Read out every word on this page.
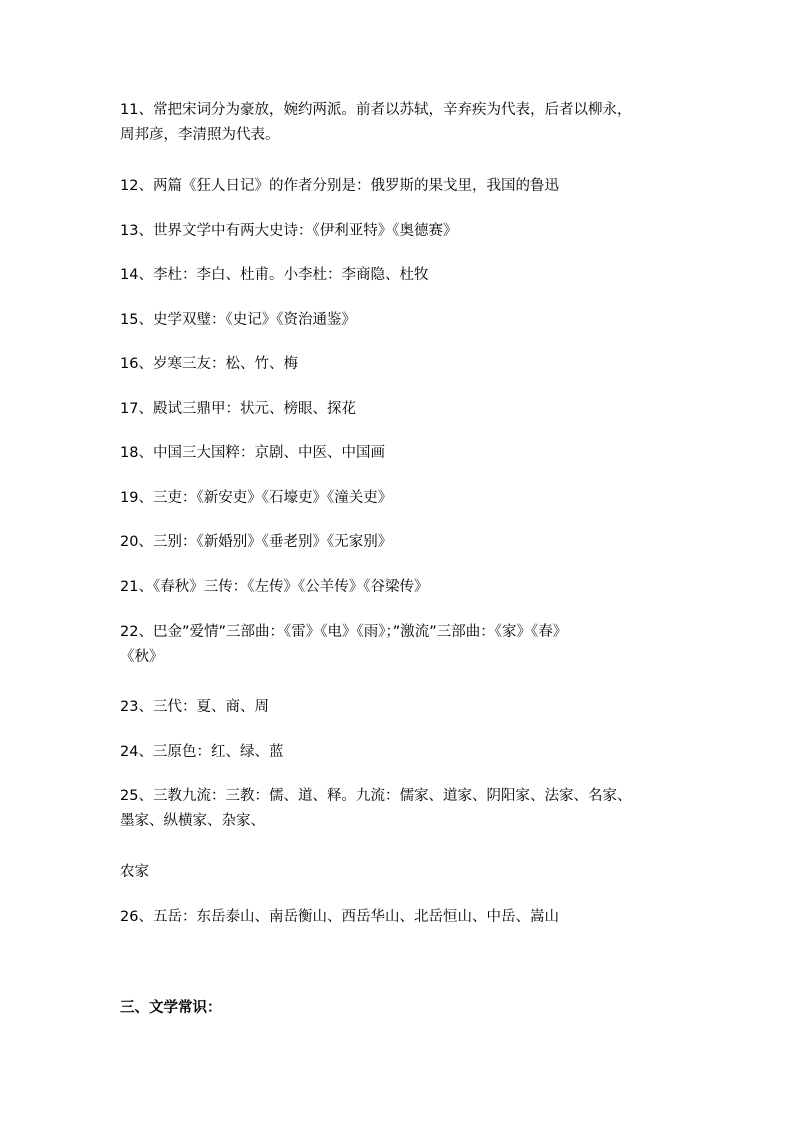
11、常把宋词分为豪放，婉约两派。前者以苏轼，辛弃疾为代表，后者以柳永，
周邦彦，李清照为代表。
12、两篇《狂人日记》的作者分别是：俄罗斯的果戈里，我国的鲁迅
13、世界文学中有两大史诗：《伊利亚特》《奥德赛》
14、李杜：李白、杜甫。小李杜：李商隐、杜牧
15、史学双璧：《史记》《资治通鉴》
16、岁寒三友：松、竹、梅
17、殿试三鼎甲：状元、榜眼、探花
18、中国三大国粹：京剧、中医、中国画
19、三吏：《新安吏》《石壕吏》《潼关吏》
20、三别：《新婚别》《垂老别》《无家别》
21、《春秋》三传：《左传》《公羊传》《谷梁传》
22、巴金”爱情”三部曲：《雷》《电》《雨》；”激流”三部曲：《家》《春》
《秋》
23、三代：夏、商、周
24、三原色：红、绿、蓝
25、三教九流：三教：儒、道、释。九流：儒家、道家、阴阳家、法家、名家、
墨家、纵横家、杂家、
农家
26、五岳：东岳泰山、南岳衡山、西岳华山、北岳恒山、中岳、嵩山
三、文学常识：
